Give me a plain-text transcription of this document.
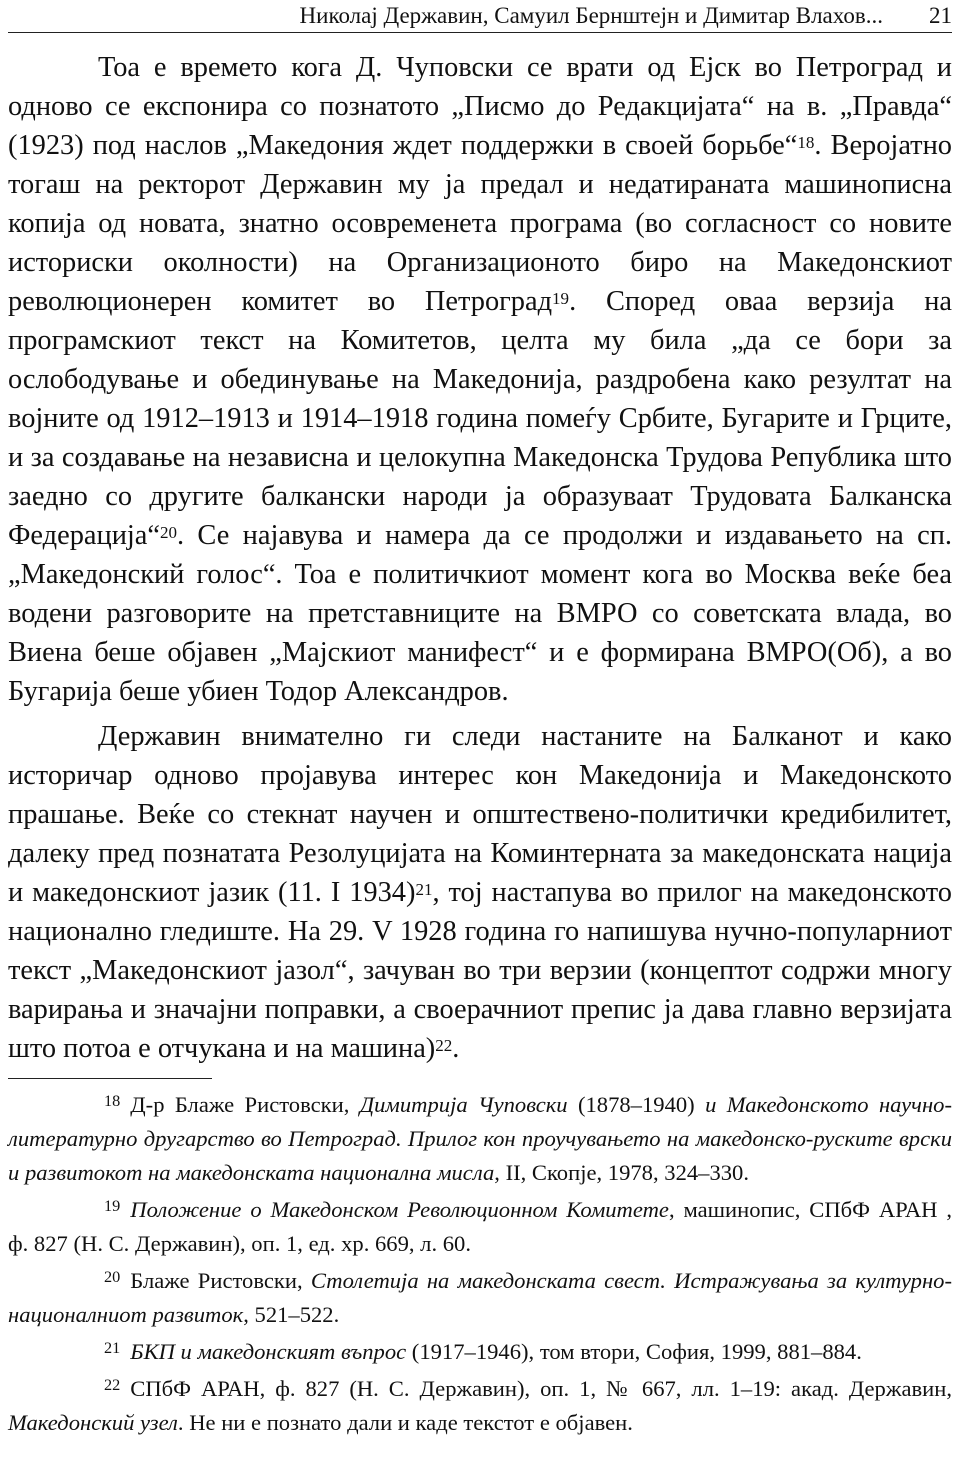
Николај Державин, Самуил Бернштејн и Димитар Влахов... 21

Тоа е времето кога Д. Чуповски се врати од Ејск во Петроград и одново се експонира со познатото „Писмо до Редакцијата“ на в. „Правда“ (1923) под наслов „Македония ждет поддержки в своей борьбе“$^{18}$. Веројатно тогаш на ректорот Державин му ја предал и недатираната машинописна копија од новата, знатно осовременета програма (во согласност со новите историски околности) на Организационото биро на Македонскиот революционерен комитет во Петроград$^{19}$. Според оваа верзија на програмскиот текст на Комитетов, целта му била „да се бори за ослободување и обединување на Македонија, раздробена како резултат на војните од 1912–1913 и 1914–1918 година помеѓу Србите, Бугарите и Грците, и за создавање на независна и целокупна Македонска Трудова Република што заедно со другите балкански народи ја образуваат Трудовата Балканска Федерација“$^{20}$. Се најавува и намера да се продолжи и издавањето на сп. „Македонский голос“. Тоа е политичкиот момент кога во Москва веќе беа водени разговорите на претставниците на ВМРО со советската влада, во Виена беше објавен „Мајскиот манифест“ и е формирана ВМРО(Об), а во Бугарија беше убиен Тодор Александров.

Державин внимателно ги следи настаните на Балканот и како историчар одново пројавува интерес кон Македонија и Македонското прашање. Веќе со стекнат научен и општествено-политички кредибилитет, далеку пред познатата Резолуцијата на Коминтерната за македонската нација и македонскиот јазик (11. I 1934)$^{21}$, тој настапува во прилог на македонското национално гледиште. На 29. V 1928 година го напишува нучно-популарниот текст „Македонскиот јазол“, зачуван во три верзии (концептот содржи многу варирања и значајни поправки, а своерачниот препис ја дава главно верзијата што потоа е отчукана и на машина)$^{22}$.

$^{18}$ Д-р Блаже Ристовски, Димитрија Чуповски (1878–1940) и Македонското научно-литературно другарство во Петроград. Прилог кон проучувањето на македонско-руските врски и развитокот на македонската национална мисла, II, Скопје, 1978, 324–330.

$^{19}$ Положение о Македонском Революционном Комитете, машинопис, СПбФ АРАН , ф. 827 (Н. С. Державин), оп. 1, ед. хр. 669, л. 60.

$^{20}$ Блаже Ристовски, Столетија на македонската свест. Истражувања за културно-националниот развиток, 521–522.

$^{21}$ БКП и македонският въпрос (1917–1946), том втори, София, 1999, 881–884.

$^{22}$ СПбФ АРАН, ф. 827 (Н. С. Державин), оп. 1, № 667, лл. 1–19: акад. Державин, Македонский узел. Не ни е познато дали и каде текстот е објавен.
